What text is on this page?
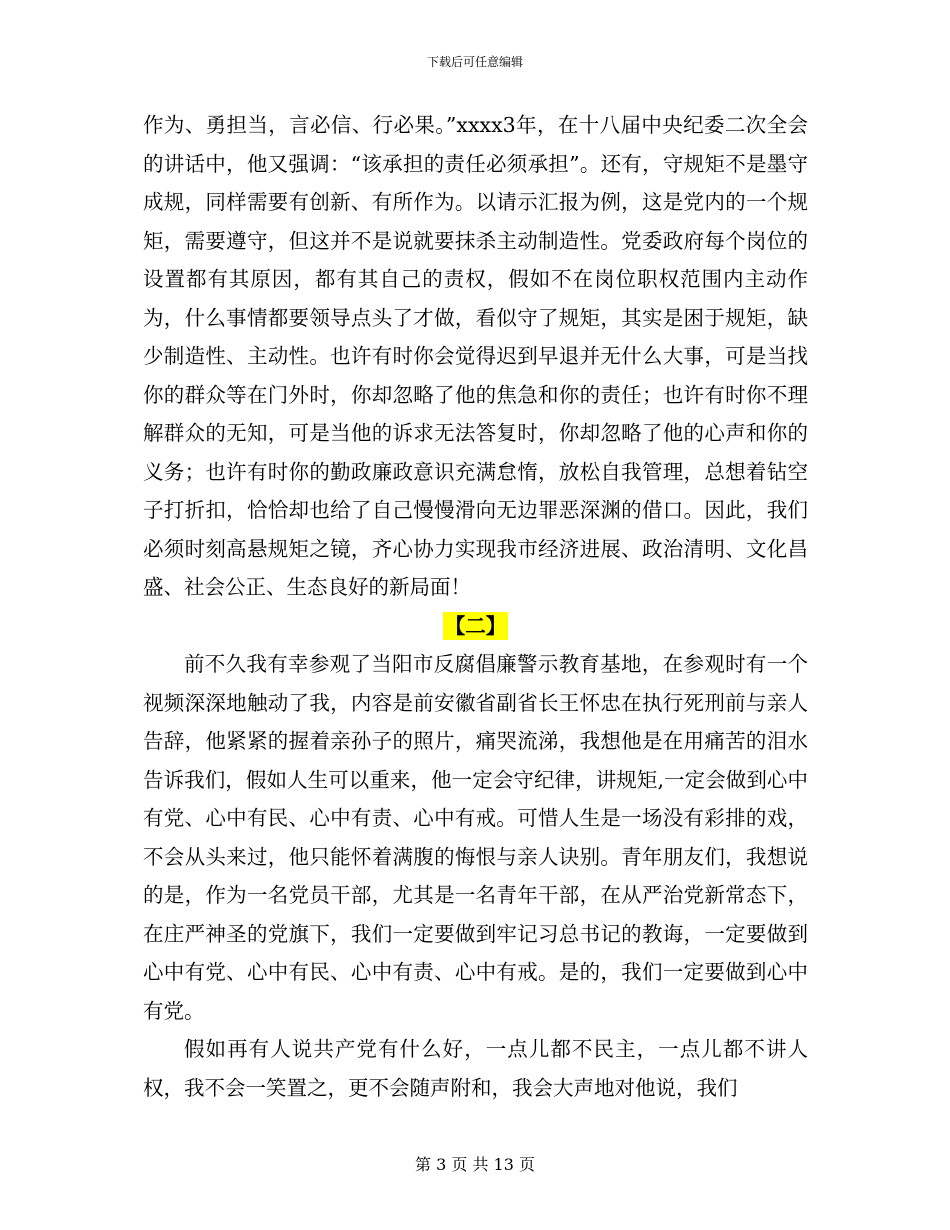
下载后可任意编辑

作为、勇担当，言必信、行必果。”xxxx3年，在十八届中央纪委二次全会的讲话中，他又强调：“该承担的责任必须承担”。还有，守规矩不是墨守成规，同样需要有创新、有所作为。以请示汇报为例，这是党内的一个规矩，需要遵守，但这并不是说就要抹杀主动制造性。党委政府每个岗位的设置都有其原因，都有其自己的责权，假如不在岗位职权范围内主动作为，什么事情都要领导点头了才做，看似守了规矩，其实是困于规矩，缺少制造性、主动性。也许有时你会觉得迟到早退并无什么大事，可是当找你的群众等在门外时，你却忽略了他的焦急和你的责任；也许有时你不理解群众的无知，可是当他的诉求无法答复时，你却忽略了他的心声和你的义务；也许有时你的勤政廉政意识充满怠惰，放松自我管理，总想着钻空子打折扣，恰恰却也给了自己慢慢滑向无边罪恶深渊的借口。因此，我们必须时刻高悬规矩之镜，齐心协力实现我市经济进展、政治清明、文化昌盛、社会公正、生态良好的新局面！

【二】

前不久我有幸参观了当阳市反腐倡廉警示教育基地，在参观时有一个视频深深地触动了我，内容是前安徽省副省长王怀忠在执行死刑前与亲人告辞，他紧紧的握着亲孙子的照片，痛哭流涕，我想他是在用痛苦的泪水告诉我们，假如人生可以重来，他一定会守纪律，讲规矩,一定会做到心中有党、心中有民、心中有责、心中有戒。可惜人生是一场没有彩排的戏，不会从头来过，他只能怀着满腹的悔恨与亲人诀别。青年朋友们，我想说的是，作为一名党员干部，尤其是一名青年干部，在从严治党新常态下，在庄严神圣的党旗下，我们一定要做到牢记习总书记的教诲，一定要做到心中有党、心中有民、心中有责、心中有戒。是的，我们一定要做到心中有党。

假如再有人说共产党有什么好，一点儿都不民主，一点儿都不讲人权，我不会一笑置之，更不会随声附和，我会大声地对他说，我们

第 3 页 共 13 页
